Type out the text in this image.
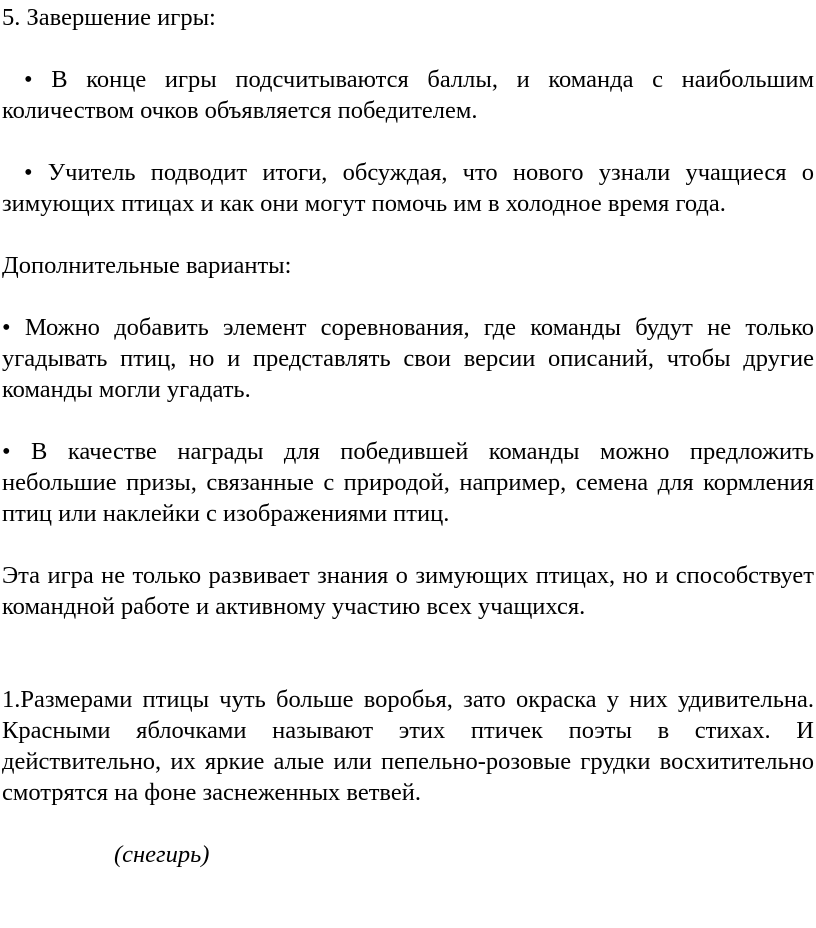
5. Завершение игры:

• В конце игры подсчитываются баллы, и команда с наибольшим количеством очков объявляется победителем.

• Учитель подводит итоги, обсуждая, что нового узнали учащиеся о зимующих птицах и как они могут помочь им в холодное время года.

Дополнительные варианты:

• Можно добавить элемент соревнования, где команды будут не только угадывать птиц, но и представлять свои версии описаний, чтобы другие команды могли угадать.

• В качестве награды для победившей команды можно предложить небольшие призы, связанные с природой, например, семена для кормления птиц или наклейки с изображениями птиц.

Эта игра не только развивает знания о зимующих птицах, но и способствует командной работе и активному участию всех учащихся.

1.Размерами птицы чуть больше воробья, зато окраска у них удивительна. Красными яблочками называют этих птичек поэты в стихах. И действительно, их яркие алые или пепельно-розовые грудки восхитительно смотрятся на фоне заснеженных ветвей.

(снегирь)
